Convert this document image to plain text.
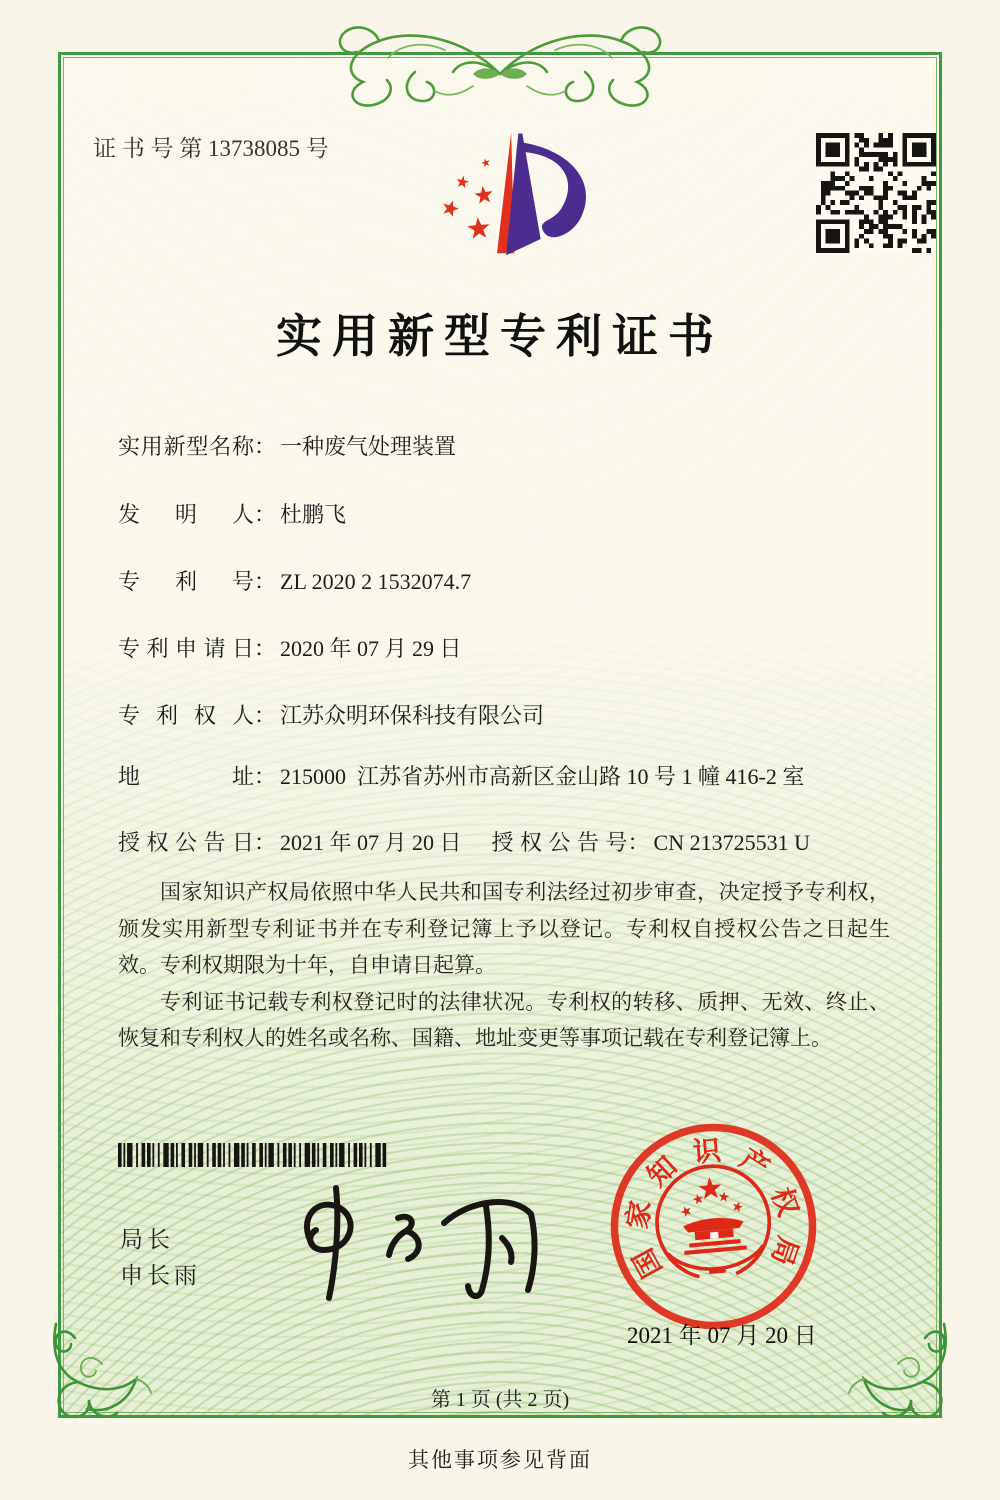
证 书 号 第 13738085 号
实用新型专利证书
实用新型名称 ： 一种废气处理装置
发明人 ： 杜鹏飞
专利号 ： ZL 2020 2 1532074.7
专利申请日 ： 2020 年 07 月 29 日
专利权人 ： 江苏众明环保科技有限公司
地址 ： 215000  江苏省苏州市高新区金山路 10 号 1 幢 416-2 室
授权公告日 ： 2021 年 07 月 20 日 授权公告号 ： CN 213725531 U

国家知识产权局依照中华人民共和国专利法经过初步审查，决定授予专利权，颁发实用新型专利证书并在专利登记簿上予以登记。专利权自授权公告之日起生效。专利权期限为十年，自申请日起算。

专利证书记载专利权登记时的法律状况。专利权的转移、质押、无效、终止、恢复和专利权人的姓名或名称、国籍、地址变更等事项记载在专利登记簿上。

局长
申长雨	国
家
知 识 产
权
局
2021 年 07 月 20 日
第 1 页 (共 2 页)
其他事项参见背面
